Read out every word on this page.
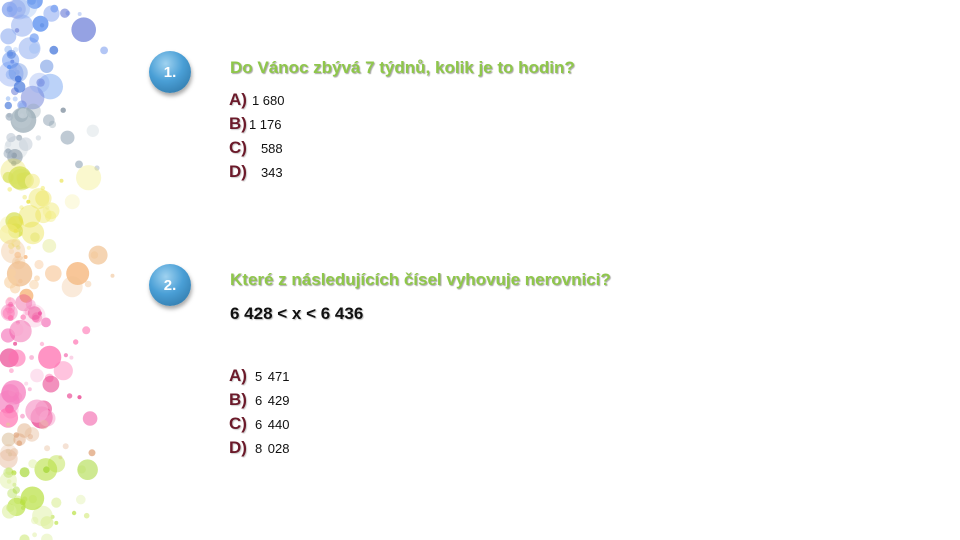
1.	Do Vánoc zbývá 7 týdnů, kolik je to hodin?
A) 1 680
B) 1 176
C) 588
D) 343
2.	Které z následujících čísel vyhovuje nerovnici?
6 428 < x < 6 436
A) 5 471
B) 6 429
C) 6 440
D) 8 028
